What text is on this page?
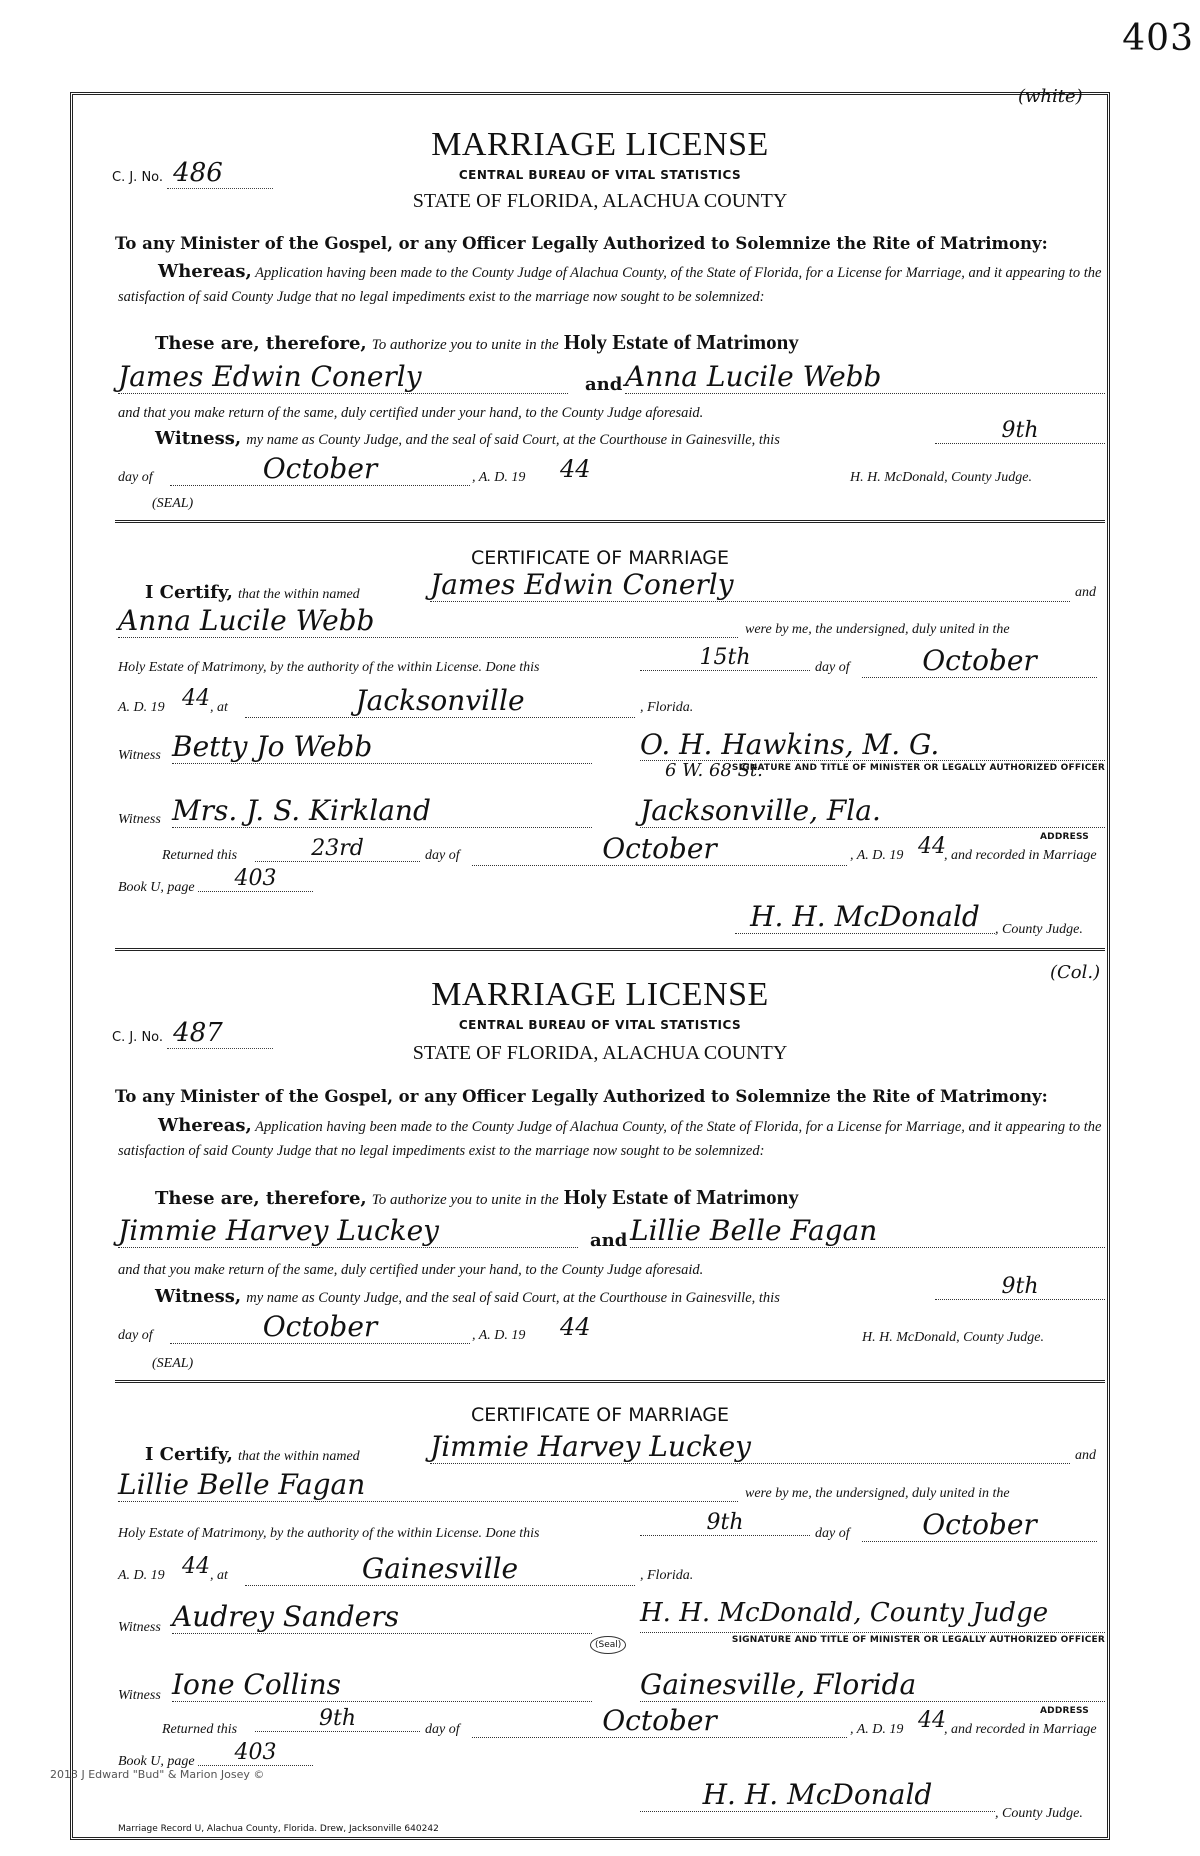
403
(white)
C. J. No. 486
MARRIAGE LICENSE
CENTRAL BUREAU OF VITAL STATISTICS
STATE OF FLORIDA, ALACHUA COUNTY
To any Minister of the Gospel, or any Officer Legally Authorized to Solemnize the Rite of Matrimony:
Whereas, Application having been made to the County Judge of Alachua County, of the State of Florida, for a License for Marriage, and it appearing to the satisfaction of said County Judge that no legal impediments exist to the marriage now sought to be solemnized:
These are, therefore, To authorize you to unite in the Holy Estate of Matrimony
James Edwin Conerly	and Anna Lucile Webb
and that you make return of the same, duly certified under your hand, to the County Judge aforesaid.
Witness, my name as County Judge, and the seal of said Court, at the Courthouse in Gainesville, this	9th
day of	October	, A. D. 19 44	H. H. McDonald, County Judge.
(SEAL)
CERTIFICATE OF MARRIAGE
I Certify, that the within named	James Edwin Conerly	and
Anna Lucile Webb	were by me, the undersigned, duly united in the
Holy Estate of Matrimony, by the authority of the within License. Done this	15th	day of	October
A. D. 19 44 , at	Jacksonville	, Florida.
Witness Betty Jo Webb	O. H. Hawkins, M. G.
6 W. 68 St.
SIGNATURE AND TITLE OF MINISTER OR LEGALLY AUTHORIZED OFFICER
Witness Mrs. J. S. Kirkland	Jacksonville, Fla.
ADDRESS
Returned this	23rd	day of	October	, A. D. 19 44
, and recorded in Marriage
Book U, page	403
H. H. McDonald	, County Judge.
(Col.)
C. J. No. 487
MARRIAGE LICENSE
CENTRAL BUREAU OF VITAL STATISTICS
STATE OF FLORIDA, ALACHUA COUNTY
To any Minister of the Gospel, or any Officer Legally Authorized to Solemnize the Rite of Matrimony:
Whereas, Application having been made to the County Judge of Alachua County, of the State of Florida, for a License for Marriage, and it appearing to the satisfaction of said County Judge that no legal impediments exist to the marriage now sought to be solemnized:
These are, therefore, To authorize you to unite in the Holy Estate of Matrimony
Jimmie Harvey Luckey	and Lillie Belle Fagan
and that you make return of the same, duly certified under your hand, to the County Judge aforesaid.
Witness, my name as County Judge, and the seal of said Court, at the Courthouse in Gainesville, this	9th
day of	October	, A. D. 19 44	H. H. McDonald, County Judge.
(SEAL)
CERTIFICATE OF MARRIAGE
I Certify, that the within named	Jimmie Harvey Luckey	and
Lillie Belle Fagan	were by me, the undersigned, duly united in the
Holy Estate of Matrimony, by the authority of the within License. Done this	9th	day of	October
A. D. 19 44 , at	Gainesville	, Florida.
Witness Audrey Sanders	H. H. McDonald, County Judge
SIGNATURE AND TITLE OF MINISTER OR LEGALLY AUTHORIZED OFFICER
(Seal)
Witness Ione Collins	Gainesville, Florida
ADDRESS
Returned this	9th	day of	October	, A. D. 19 44
, and recorded in Marriage
Book U, page	403
2013 J Edward "Bud" & Marion Josey ©
H. H. McDonald
, County Judge.
Marriage Record U, Alachua County, Florida. Drew, Jacksonville 640242
